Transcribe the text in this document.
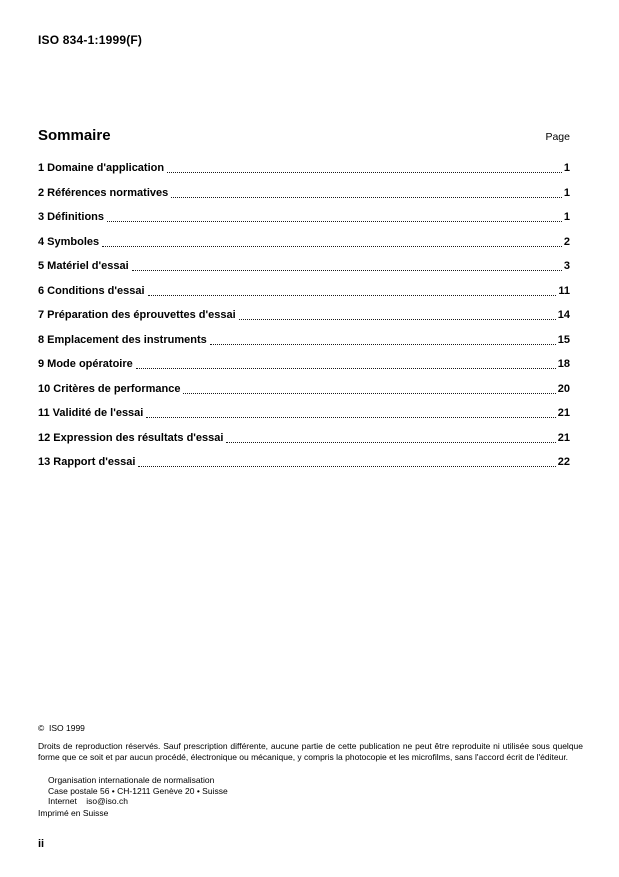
ISO 834-1:1999(F)
Sommaire	Page
1 Domaine d'application	1
2 Références normatives	1
3 Définitions	1
4 Symboles	2
5 Matériel d'essai	3
6 Conditions d'essai	11
7 Préparation des éprouvettes d'essai	14
8 Emplacement des instruments	15
9 Mode opératoire	18
10 Critères de performance	20
11 Validité de l'essai	21
12 Expression des résultats d'essai	21
13 Rapport d'essai	22
©  ISO 1999
Droits de reproduction réservés. Sauf prescription différente, aucune partie de cette publication ne peut être reproduite ni utilisée sous quelque forme que ce soit et par aucun procédé, électronique ou mécanique, y compris la photocopie et les microfilms, sans l'accord écrit de l'éditeur.
Organisation internationale de normalisation
Case postale 56 • CH-1211 Genève 20 • Suisse
Internet    iso@iso.ch
Imprimé en Suisse
ii
